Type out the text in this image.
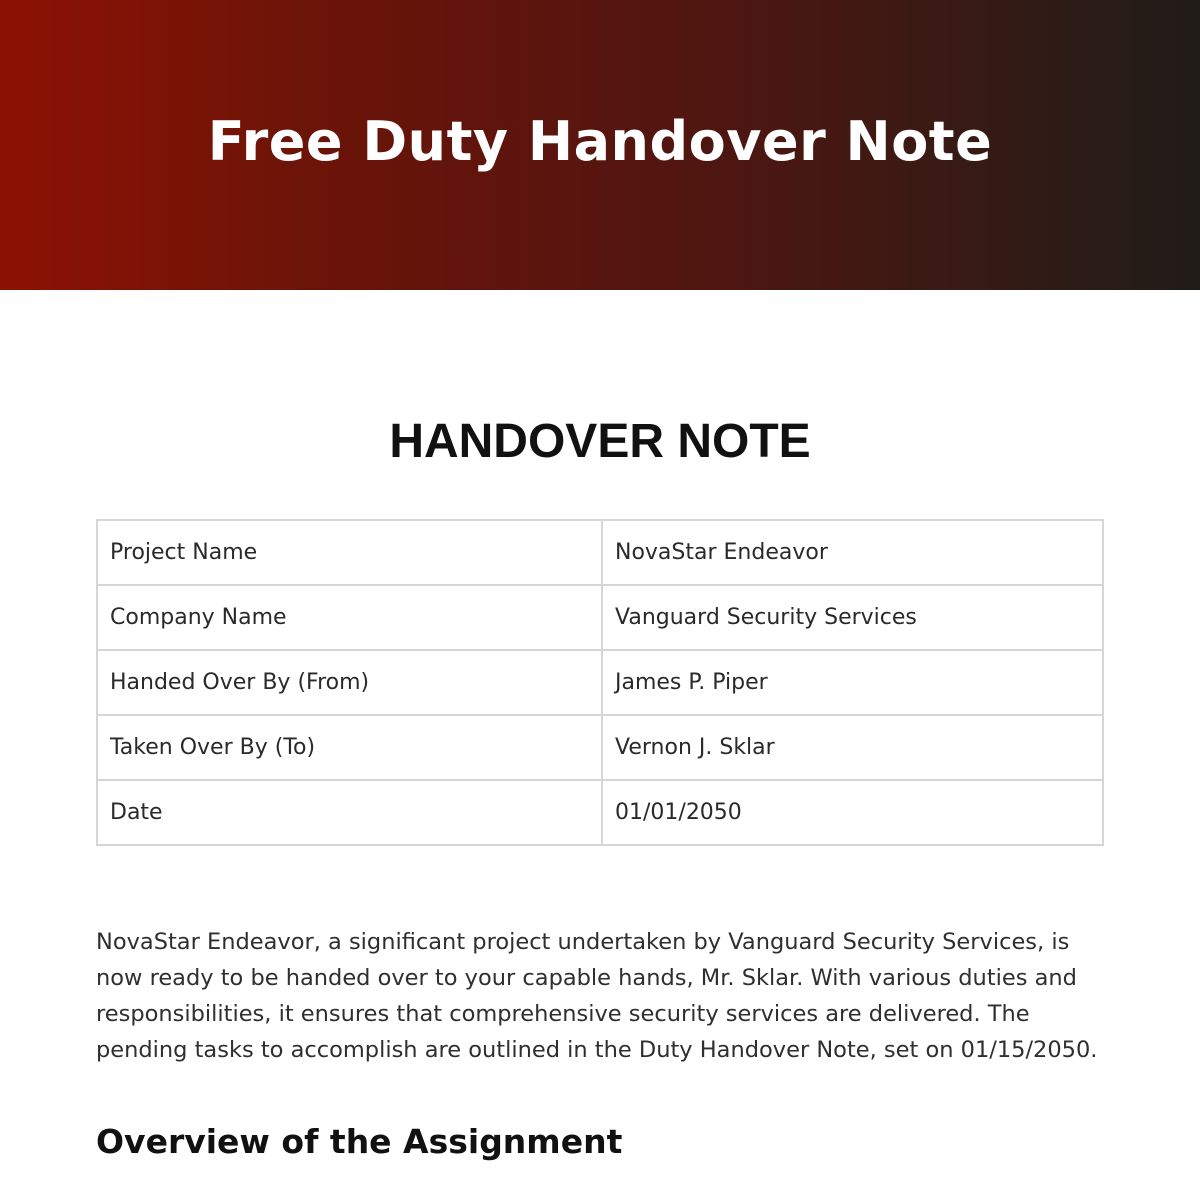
Free Duty Handover Note
HANDOVER NOTE
Project Name	NovaStar Endeavor
Company Name	Vanguard Security Services
Handed Over By (From)	James P. Piper
Taken Over By (To)	Vernon J. Sklar
Date	01/01/2050

NovaStar Endeavor, a significant project undertaken by Vanguard Security Services, is now ready to be handed over to your capable hands, Mr. Sklar. With various duties and responsibilities, it ensures that comprehensive security services are delivered. The pending tasks to accomplish are outlined in the Duty Handover Note, set on 01/15/2050.

Overview of the Assignment
